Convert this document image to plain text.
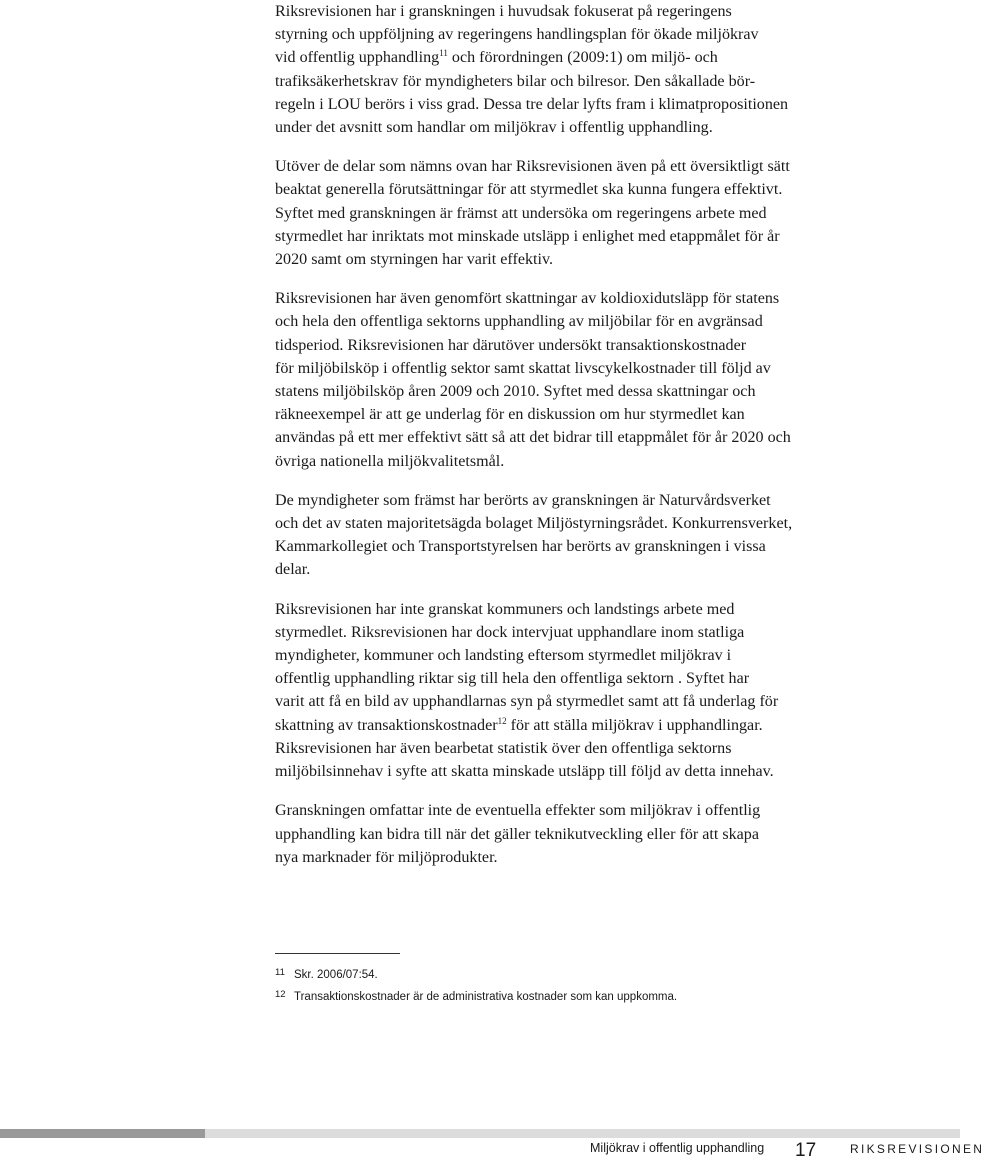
Riksrevisionen har i granskningen i huvudsak fokuserat på regeringens
styrning och uppföljning av regeringens handlingsplan för ökade miljökrav
vid offentlig upphandling$^{11}$ och förordningen (2009:1) om miljö- och
trafiksäkerhetskrav för myndigheters bilar och bilresor. Den såkallade bör-
regeln i LOU berörs i viss grad. Dessa tre delar lyfts fram i klimatpropositionen
under det avsnitt som handlar om miljökrav i offentlig upphandling.

Utöver de delar som nämns ovan har Riksrevisionen även på ett översiktligt sätt
beaktat generella förutsättningar för att styrmedlet ska kunna fungera effektivt.
Syftet med granskningen är främst att undersöka om regeringens arbete med
styrmedlet har inriktats mot minskade utsläpp i enlighet med etappmålet för år
2020 samt om styrningen har varit effektiv.

Riksrevisionen har även genomfört skattningar av koldioxidutsläpp för statens
och hela den offentliga sektorns upphandling av miljöbilar för en avgränsad
tidsperiod. Riksrevisionen har därutöver undersökt transaktionskostnader
för miljöbilsköp i offentlig sektor samt skattat livscykelkostnader till följd av
statens miljöbilsköp åren 2009 och 2010. Syftet med dessa skattningar och
räkneexempel är att ge underlag för en diskussion om hur styrmedlet kan
användas på ett mer effektivt sätt så att det bidrar till etappmålet för år 2020 och
övriga nationella miljökvalitetsmål.

De myndigheter som främst har berörts av granskningen är Naturvårdsverket
och det av staten majoritetsägda bolaget Miljöstyrningsrådet. Konkurrensverket,
Kammarkollegiet och Transportstyrelsen har berörts av granskningen i vissa
delar.

Riksrevisionen har inte granskat kommuners och landstings arbete med
styrmedlet. Riksrevisionen har dock intervjuat upphandlare inom statliga
myndigheter, kommuner och landsting eftersom styrmedlet miljökrav i
offentlig upphandling riktar sig till hela den offentliga sektorn . Syftet har
varit att få en bild av upphandlarnas syn på styrmedlet samt att få underlag för
skattning av transaktionskostnader$^{12}$ för att ställa miljökrav i upphandlingar.
Riksrevisionen har även bearbetat statistik över den offentliga sektorns
miljöbilsinnehav i syfte att skatta minskade utsläpp till följd av detta innehav.

Granskningen omfattar inte de eventuella effekter som miljökrav i offentlig
upphandling kan bidra till när det gäller teknikutveckling eller för att skapa
nya marknader för miljöprodukter.

11 Skr. 2006/07:54.
12 Transaktionskostnader är de administrativa kostnader som kan uppkomma.
Miljökrav i offentlig upphandling 17	RIKSREVISIONEN
